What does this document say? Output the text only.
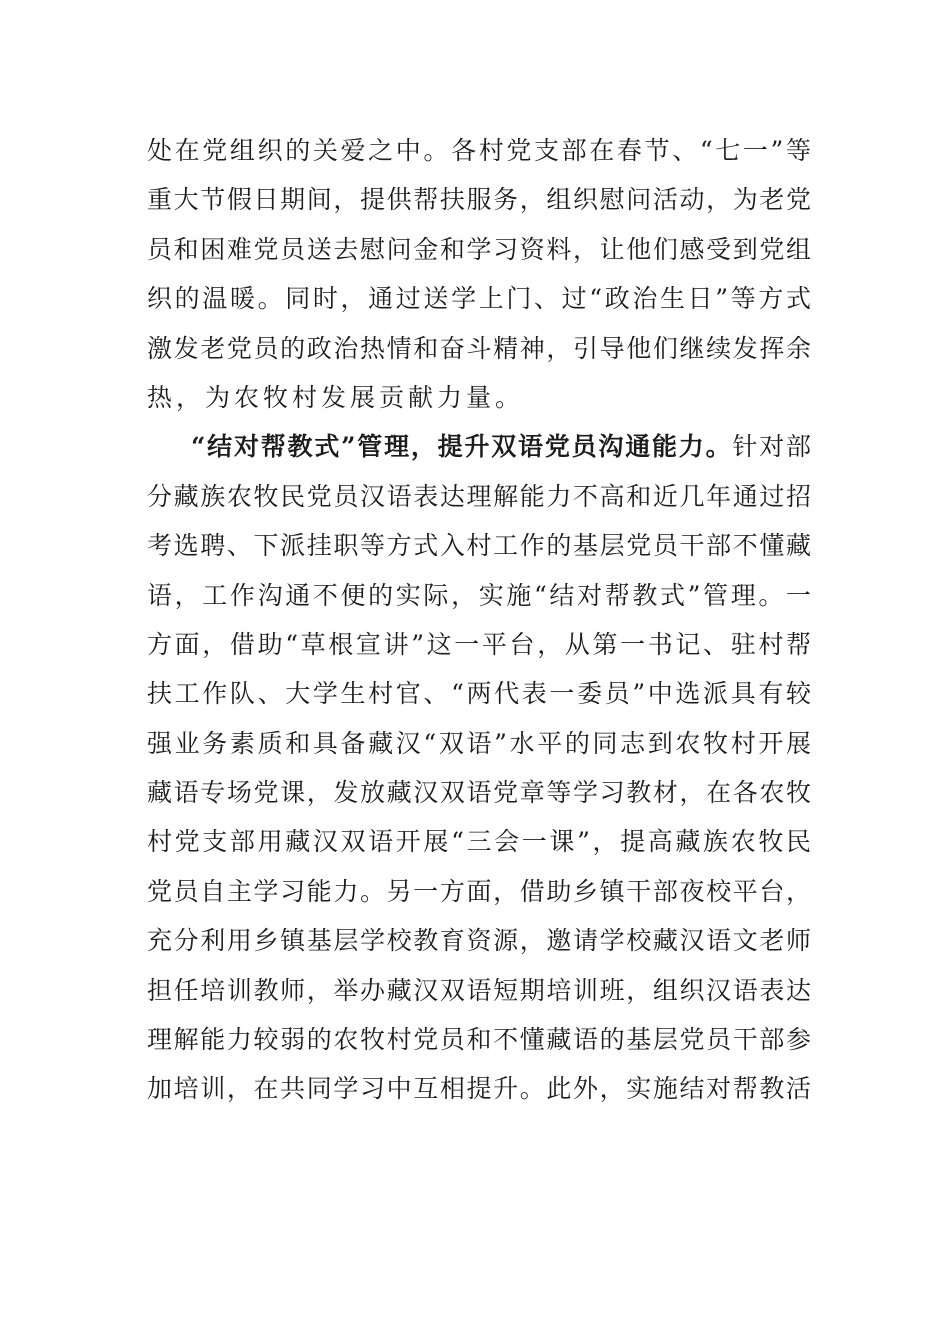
处在党组织的关爱之中。各村党支部在春节、“七一”等
重大节假日期间，提供帮扶服务，组织慰问活动，为老党
员和困难党员送去慰问金和学习资料，让他们感受到党组
织的温暖。同时，通过送学上门、过“政治生日”等方式
激发老党员的政治热情和奋斗精神，引导他们继续发挥余
热，为农牧村发展贡献力量。
“结对帮教式”管理，提升双语党员沟通能力。针对部
分藏族农牧民党员汉语表达理解能力不高和近几年通过招
考选聘、下派挂职等方式入村工作的基层党员干部不懂藏
语，工作沟通不便的实际，实施“结对帮教式”管理。一
方面，借助“草根宣讲”这一平台，从第一书记、驻村帮
扶工作队、大学生村官、“两代表一委员”中选派具有较
强业务素质和具备藏汉“双语”水平的同志到农牧村开展
藏语专场党课，发放藏汉双语党章等学习教材，在各农牧
村党支部用藏汉双语开展“三会一课”，提高藏族农牧民
党员自主学习能力。另一方面，借助乡镇干部夜校平台，
充分利用乡镇基层学校教育资源，邀请学校藏汉语文老师
担任培训教师，举办藏汉双语短期培训班，组织汉语表达
理解能力较弱的农牧村党员和不懂藏语的基层党员干部参
加培训，在共同学习中互相提升。此外，实施结对帮教活
